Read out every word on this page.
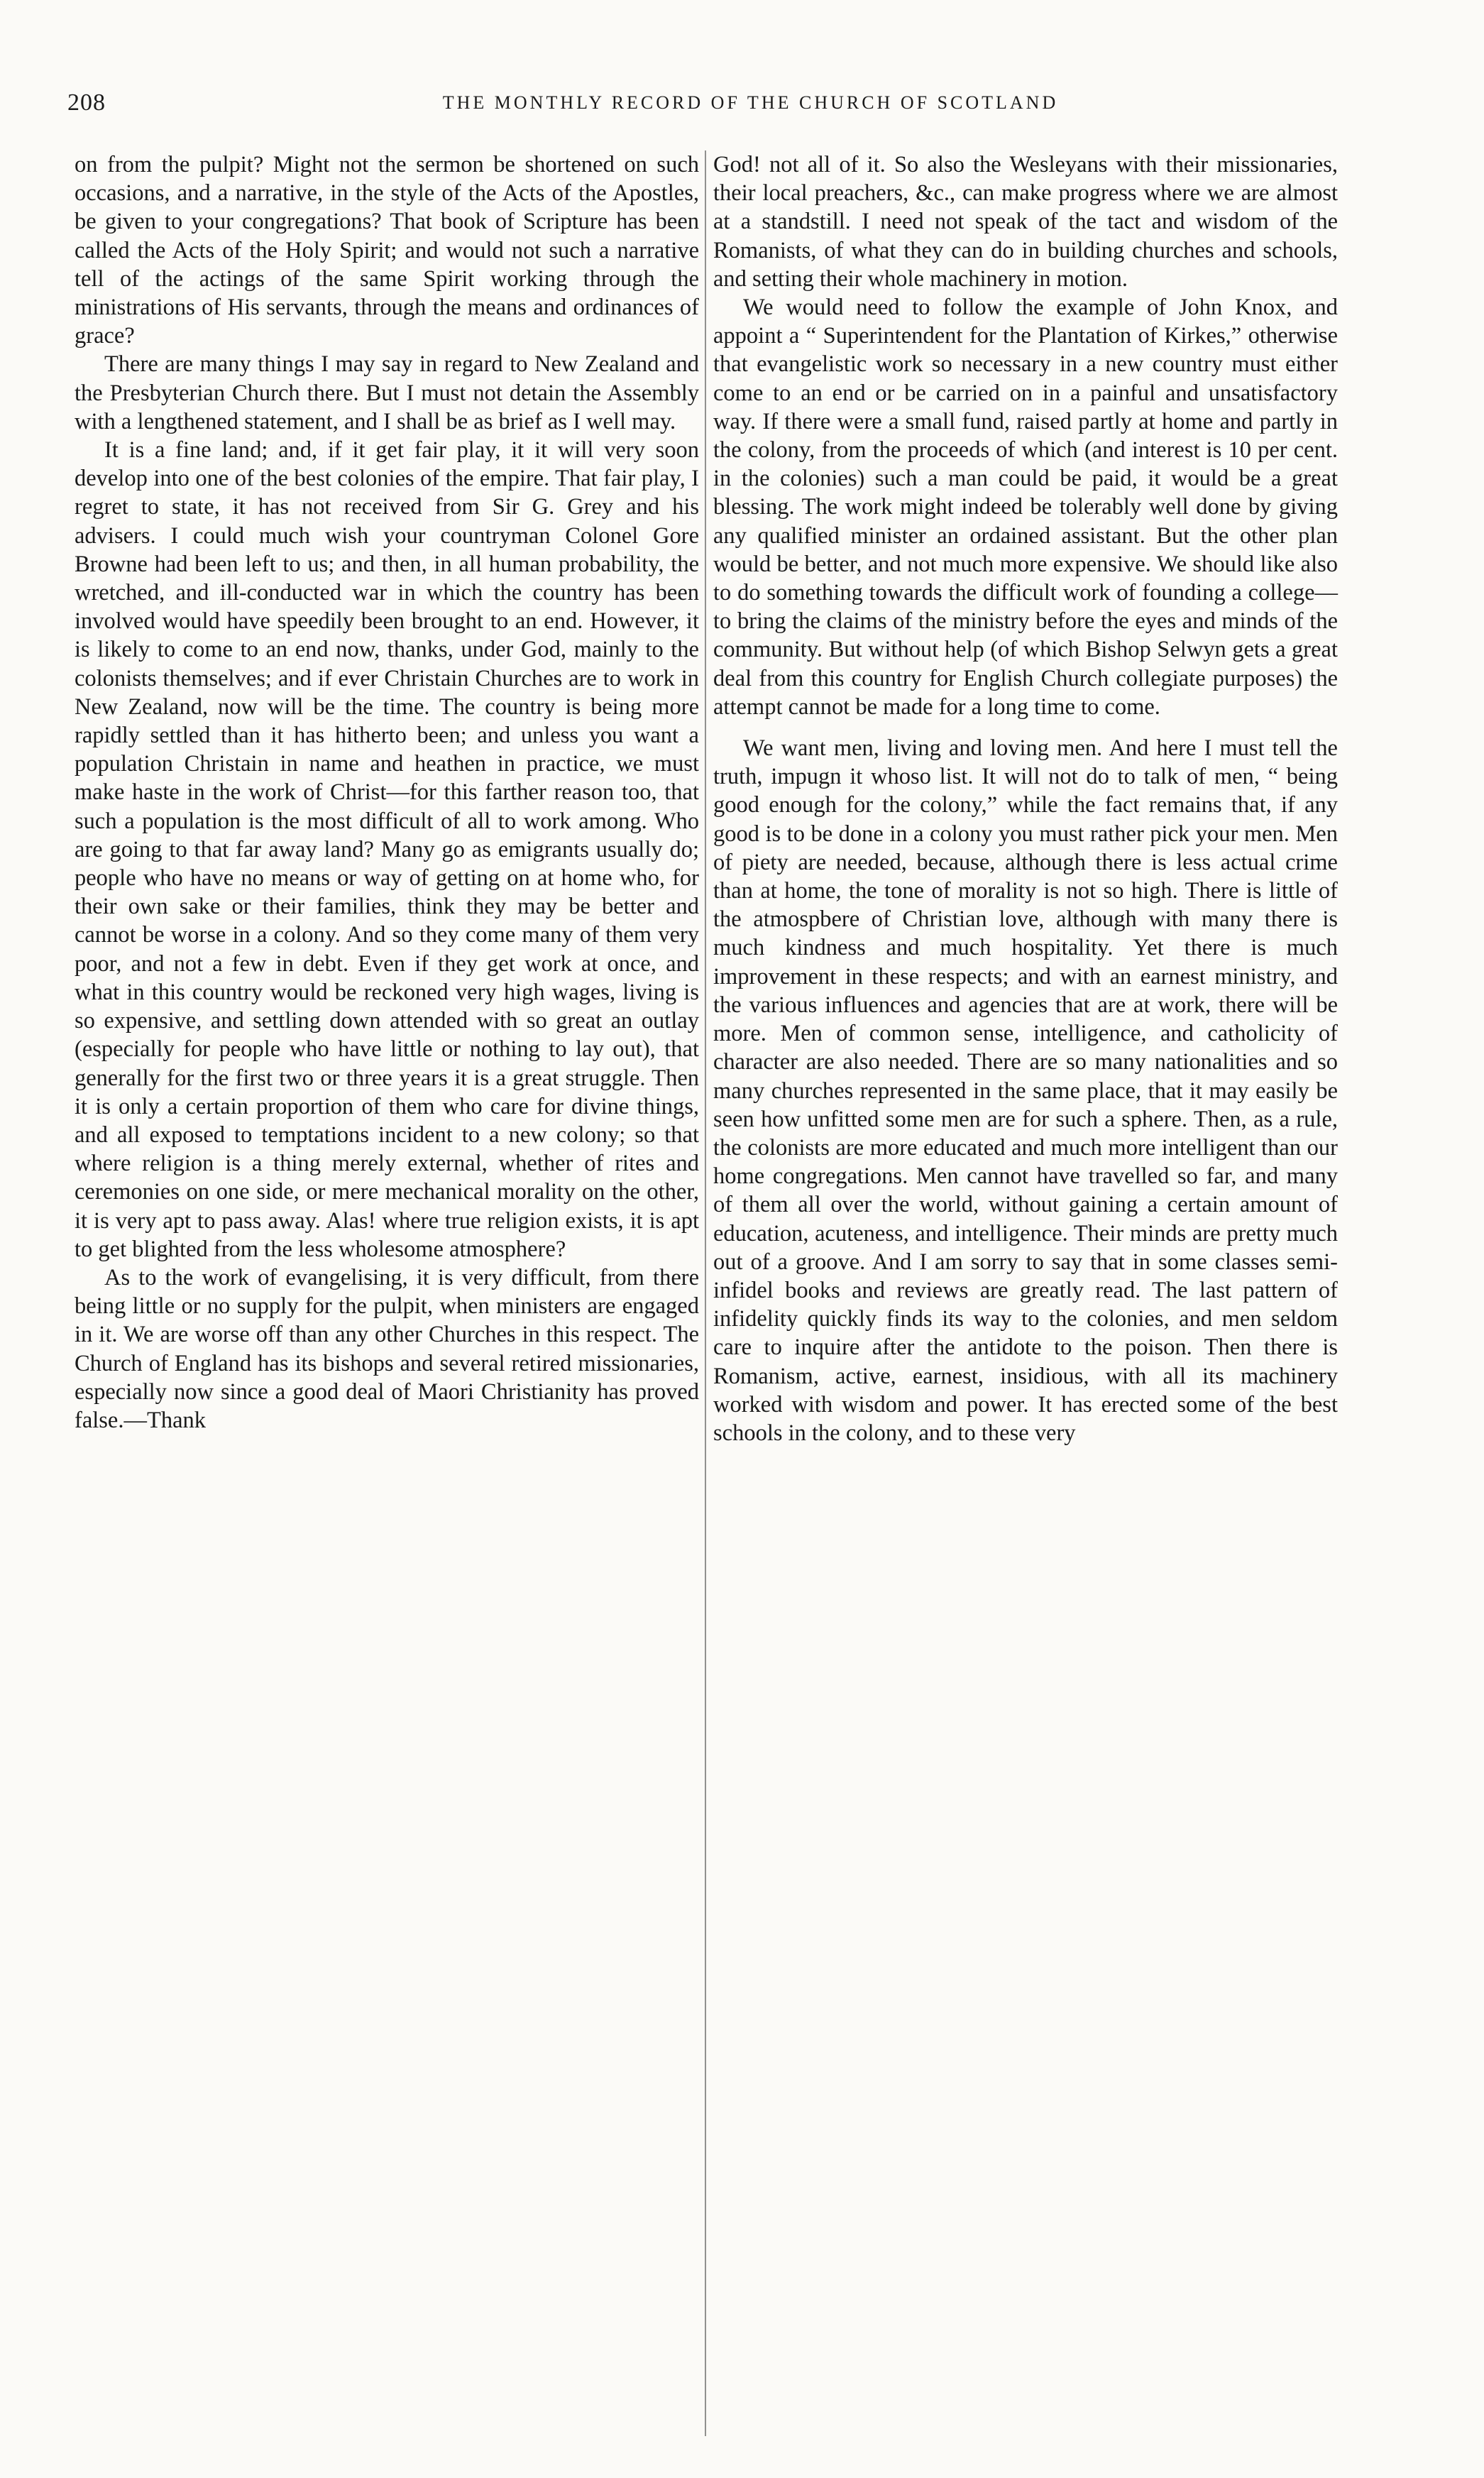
208	THE MONTHLY RECORD OF THE CHURCH OF SCOTLAND

on from the pulpit? Might not the sermon be shortened on such occasions, and a narrative, in the style of the Acts of the Apostles, be given to your congregations? That book of Scripture has been called the Acts of the Holy Spirit; and would not such a narrative tell of the actings of the same Spirit working through the ministrations of His servants, through the means and ordinances of grace?

There are many things I may say in regard to New Zealand and the Presbyterian Church there. But I must not detain the Assembly with a lengthened statement, and I shall be as brief as I well may.

It is a fine land; and, if it get fair play, it it will very soon develop into one of the best colonies of the empire. That fair play, I regret to state, it has not received from Sir G. Grey and his advisers. I could much wish your countryman Colonel Gore Browne had been left to us; and then, in all human probability, the wretched, and ill-conducted war in which the country has been involved would have speedily been brought to an end. However, it is likely to come to an end now, thanks, under God, mainly to the colonists themselves; and if ever Christain Churches are to work in New Zealand, now will be the time. The country is being more rapidly settled than it has hitherto been; and unless you want a population Christain in name and heathen in practice, we must make haste in the work of Christ—for this farther reason too, that such a population is the most difficult of all to work among. Who are going to that far away land? Many go as emigrants usually do; people who have no means or way of getting on at home who, for their own sake or their families, think they may be better and cannot be worse in a colony. And so they come many of them very poor, and not a few in debt. Even if they get work at once, and what in this country would be reckoned very high wages, living is so expensive, and settling down attended with so great an outlay (especially for people who have little or nothing to lay out), that generally for the first two or three years it is a great struggle. Then it is only a certain proportion of them who care for divine things, and all exposed to temptations incident to a new colony; so that where religion is a thing merely external, whether of rites and ceremonies on one side, or mere mechanical morality on the other, it is very apt to pass away. Alas! where true religion exists, it is apt to get blighted from the less wholesome atmosphere?

As to the work of evangelising, it is very difficult, from there being little or no supply for the pulpit, when ministers are engaged in it. We are worse off than any other Churches in this respect. The Church of England has its bishops and several retired missionaries, especially now since a good deal of Maori Christianity has proved false.—Thank

God! not all of it. So also the Wesleyans with their missionaries, their local preachers, &c., can make progress where we are almost at a standstill. I need not speak of the tact and wisdom of the Romanists, of what they can do in building churches and schools, and setting their whole machinery in motion.

We would need to follow the example of John Knox, and appoint a “ Superintendent for the Plantation of Kirkes,” otherwise that evangelistic work so necessary in a new country must either come to an end or be carried on in a painful and unsatisfactory way. If there were a small fund, raised partly at home and partly in the colony, from the proceeds of which (and interest is 10 per cent. in the colonies) such a man could be paid, it would be a great blessing. The work might indeed be tolerably well done by giving any qualified minister an ordained assistant. But the other plan would be better, and not much more expensive. We should like also to do something towards the difficult work of founding a college—to bring the claims of the ministry before the eyes and minds of the community. But without help (of which Bishop Selwyn gets a great deal from this country for English Church collegiate purposes) the attempt cannot be made for a long time to come.

We want men, living and loving men. And here I must tell the truth, impugn it whoso list. It will not do to talk of men, “ being good enough for the colony,” while the fact remains that, if any good is to be done in a colony you must rather pick your men. Men of piety are needed, because, although there is less actual crime than at home, the tone of morality is not so high. There is little of the atmospbere of Christian love, although with many there is much kindness and much hospitality. Yet there is much improvement in these respects; and with an earnest ministry, and the various influences and agencies that are at work, there will be more. Men of common sense, intelligence, and catholicity of character are also needed. There are so many nationalities and so many churches represented in the same place, that it may easily be seen how unfitted some men are for such a sphere. Then, as a rule, the colonists are more educated and much more intelligent than our home congregations. Men cannot have travelled so far, and many of them all over the world, without gaining a certain amount of education, acuteness, and intelligence. Their minds are pretty much out of a groove. And I am sorry to say that in some classes semi-infidel books and reviews are greatly read. The last pattern of infidelity quickly finds its way to the colonies, and men seldom care to inquire after the antidote to the poison. Then there is Romanism, active, earnest, insidious, with all its machinery worked with wisdom and power. It has erected some of the best schools in the colony, and to these very
